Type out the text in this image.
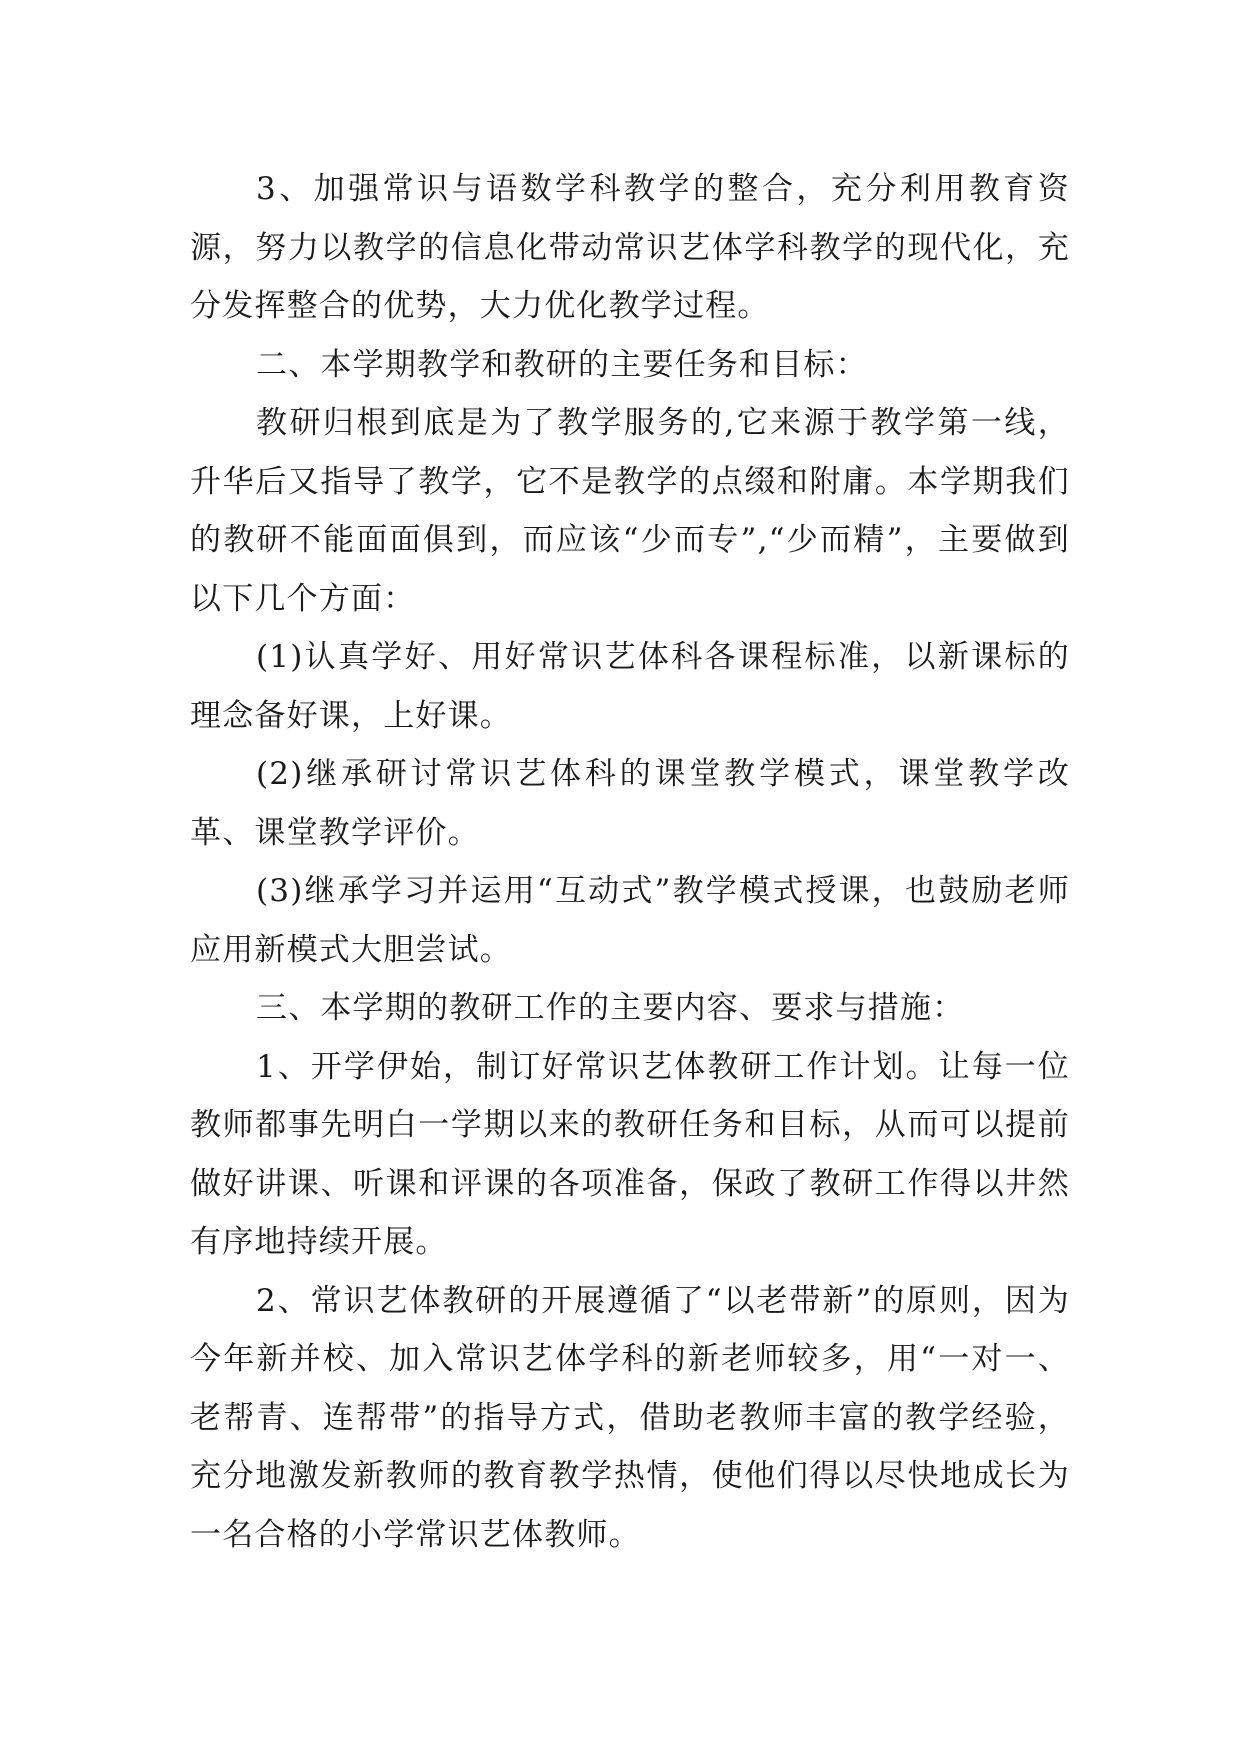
3、加强常识与语数学科教学的整合，充分利用教育资源，努力以教学的信息化带动常识艺体学科教学的现代化，充分发挥整合的优势，大力优化教学过程。

二、本学期教学和教研的主要任务和目标：

教研归根到底是为了教学服务的,它来源于教学第一线，升华后又指导了教学，它不是教学的点缀和附庸。本学期我们的教研不能面面俱到，而应该“少而专”,“少而精”，主要做到以下几个方面：

(1)认真学好、用好常识艺体科各课程标准，以新课标的理念备好课，上好课。

(2)继承研讨常识艺体科的课堂教学模式，课堂教学改革、课堂教学评价。

(3)继承学习并运用“互动式”教学模式授课，也鼓励老师应用新模式大胆尝试。

三、本学期的教研工作的主要内容、要求与措施：

1、开学伊始，制订好常识艺体教研工作计划。让每一位教师都事先明白一学期以来的教研任务和目标，从而可以提前做好讲课、听课和评课的各项准备，保政了教研工作得以井然有序地持续开展。

2、常识艺体教研的开展遵循了“以老带新”的原则，因为今年新并校、加入常识艺体学科的新老师较多，用“一对一、老帮青、连帮带”的指导方式，借助老教师丰富的教学经验，充分地激发新教师的教育教学热情，使他们得以尽快地成长为一名合格的小学常识艺体教师。
